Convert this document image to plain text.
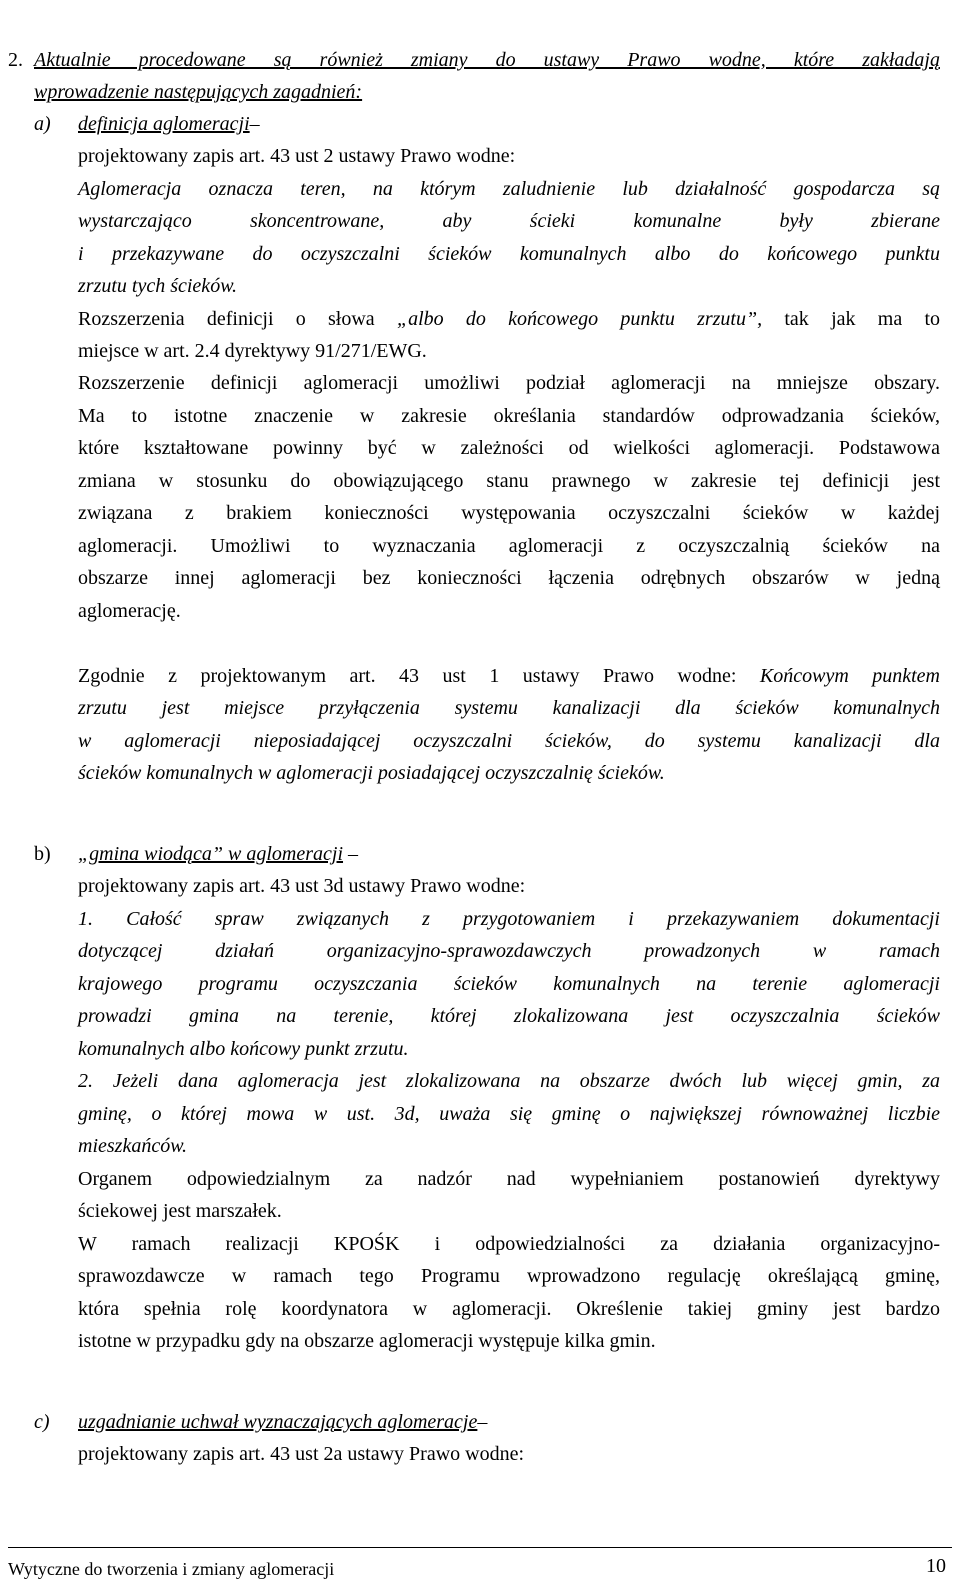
2. Aktualnie procedowane są również zmiany do ustawy Prawo wodne, które zakładają
wprowadzenie następujących zagadnień:
a) definicja aglomeracji–
projektowany zapis art. 43 ust 2 ustawy Prawo wodne:
Aglomeracja oznacza teren, na którym zaludnienie lub działalność gospodarcza są
wystarczająco skoncentrowane, aby ścieki komunalne były zbierane
i przekazywane do oczyszczalni ścieków komunalnych albo do końcowego punktu
zrzutu tych ścieków.
Rozszerzenia definicji o słowa „albo do końcowego punktu zrzutu”, tak jak ma to
miejsce w art. 2.4 dyrektywy 91/271/EWG.
Rozszerzenie definicji aglomeracji umożliwi podział aglomeracji na mniejsze obszary.
Ma to istotne znaczenie w zakresie określania standardów odprowadzania ścieków,
które kształtowane powinny być w zależności od wielkości aglomeracji. Podstawowa
zmiana w stosunku do obowiązującego stanu prawnego w zakresie tej definicji jest
związana z brakiem konieczności występowania oczyszczalni ścieków w każdej
aglomeracji. Umożliwi to wyznaczania aglomeracji z oczyszczalnią ścieków na
obszarze innej aglomeracji bez konieczności łączenia odrębnych obszarów w jedną
aglomerację.
Zgodnie z projektowanym art. 43 ust 1 ustawy Prawo wodne: Końcowym punktem
zrzutu jest miejsce przyłączenia systemu kanalizacji dla ścieków komunalnych
w aglomeracji nieposiadającej oczyszczalni ścieków, do systemu kanalizacji dla
ścieków komunalnych w aglomeracji posiadającej oczyszczalnię ścieków.
b) „gmina wiodąca” w aglomeracji –
projektowany zapis art. 43 ust 3d ustawy Prawo wodne:
1. Całość spraw związanych z przygotowaniem i przekazywaniem dokumentacji
dotyczącej działań organizacyjno-sprawozdawczych prowadzonych w ramach
krajowego programu oczyszczania ścieków komunalnych na terenie aglomeracji
prowadzi gmina na terenie, której zlokalizowana jest oczyszczalnia ścieków
komunalnych albo końcowy punkt zrzutu.
2. Jeżeli dana aglomeracja jest zlokalizowana na obszarze dwóch lub więcej gmin, za
gminę, o której mowa w ust. 3d, uważa się gminę o największej równoważnej liczbie
mieszkańców.
Organem odpowiedzialnym za nadzór nad wypełnianiem postanowień dyrektywy
ściekowej jest marszałek.
W ramach realizacji KPOŚK i odpowiedzialności za działania organizacyjno-
sprawozdawcze w ramach tego Programu wprowadzono regulację określającą gminę,
która spełnia rolę koordynatora w aglomeracji. Określenie takiej gminy jest bardzo
istotne w przypadku gdy na obszarze aglomeracji występuje kilka gmin.
c) uzgadnianie uchwał wyznaczających aglomeracje–
projektowany zapis art. 43 ust 2a ustawy Prawo wodne:
Wytyczne do tworzenia i zmiany aglomeracji	10
